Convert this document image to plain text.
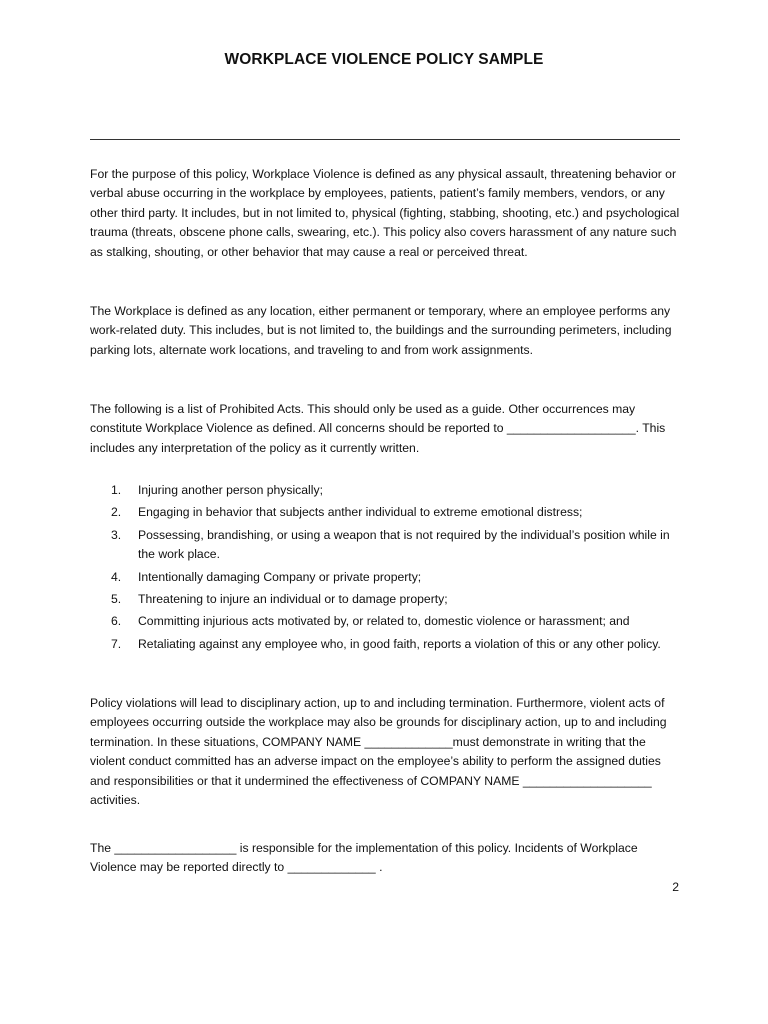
WORKPLACE VIOLENCE POLICY SAMPLE

For the purpose of this policy, Workplace Violence is defined as any physical assault, threatening behavior or verbal abuse occurring in the workplace by employees, patients, patient’s family members, vendors, or any other third party. It includes, but in not limited to, physical (fighting, stabbing, shooting, etc.) and psychological trauma (threats, obscene phone calls, swearing, etc.). This policy also covers harassment of any nature such as stalking, shouting, or other behavior that may cause a real or perceived threat.

The Workplace is defined as any location, either permanent or temporary, where an employee performs any work-related duty. This includes, but is not limited to, the buildings and the surrounding perimeters, including parking lots, alternate work locations, and traveling to and from work assignments.

The following is a list of Prohibited Acts. This should only be used as a guide. Other occurrences may constitute Workplace Violence as defined. All concerns should be reported to ___________________. This includes any interpretation of the policy as it currently written.

1. Injuring another person physically;
2. Engaging in behavior that subjects anther individual to extreme emotional distress;
3. Possessing, brandishing, or using a weapon that is not required by the individual’s position while in the work place.
4. Intentionally damaging Company or private property;
5. Threatening to injure an individual or to damage property;
6. Committing injurious acts motivated by, or related to, domestic violence or harassment; and
7. Retaliating against any employee who, in good faith, reports a violation of this or any other policy.

Policy violations will lead to disciplinary action, up to and including termination. Furthermore, violent acts of employees occurring outside the workplace may also be grounds for disciplinary action, up to and including termination. In these situations, COMPANY NAME _____________must demonstrate in writing that the violent conduct committed has an adverse impact on the employee’s ability to perform the assigned duties and responsibilities or that it undermined the effectiveness of COMPANY NAME ___________________ activities.

The __________________ is responsible for the implementation of this policy. Incidents of Workplace Violence may be reported directly to _____________ .

2
